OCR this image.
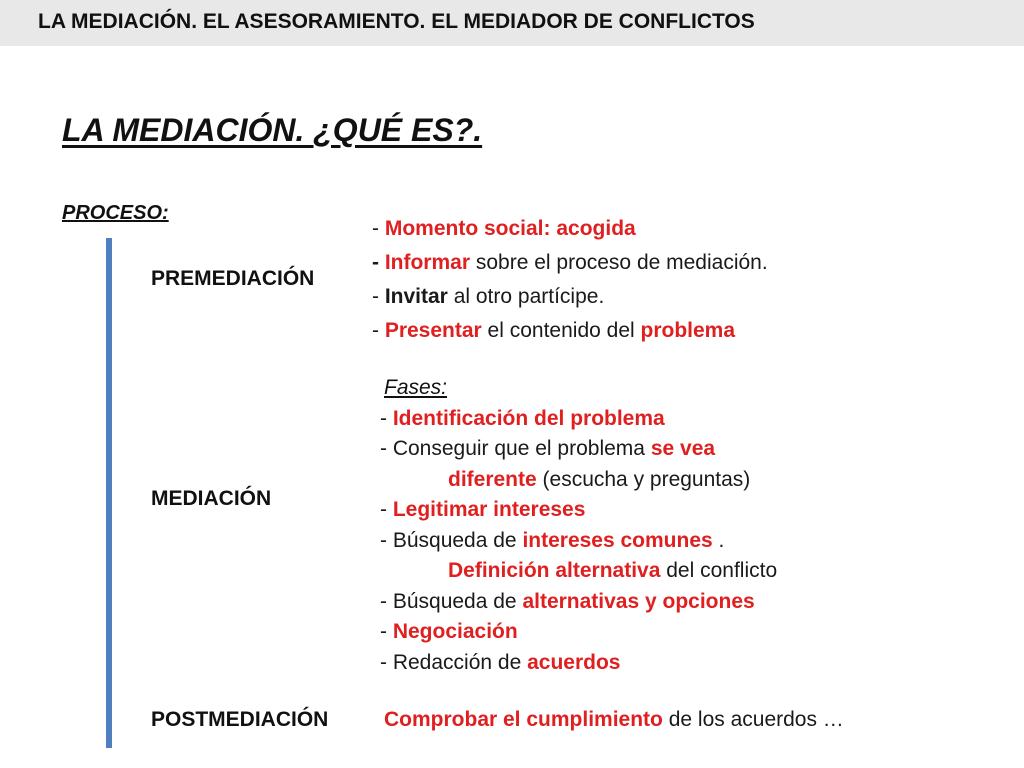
LA MEDIACIÓN. EL ASESORAMIENTO. EL MEDIADOR DE CONFLICTOS
LA MEDIACIÓN. ¿QUÉ ES?.
PROCESO:
PREMEDIACIÓN
- Momento social: acogida
- Informar sobre el proceso de mediación.
- Invitar al otro partícipe.
- Presentar el contenido del problema
MEDIACIÓN
Fases:
- Identificación del problema
- Conseguir que el problema se vea
diferente (escucha y preguntas)
- Legitimar intereses
- Búsqueda de intereses comunes .
Definición alternativa del conflicto
- Búsqueda de alternativas y opciones
- Negociación
- Redacción de acuerdos
POSTMEDIACIÓN	Comprobar el cumplimiento de los acuerdos …
